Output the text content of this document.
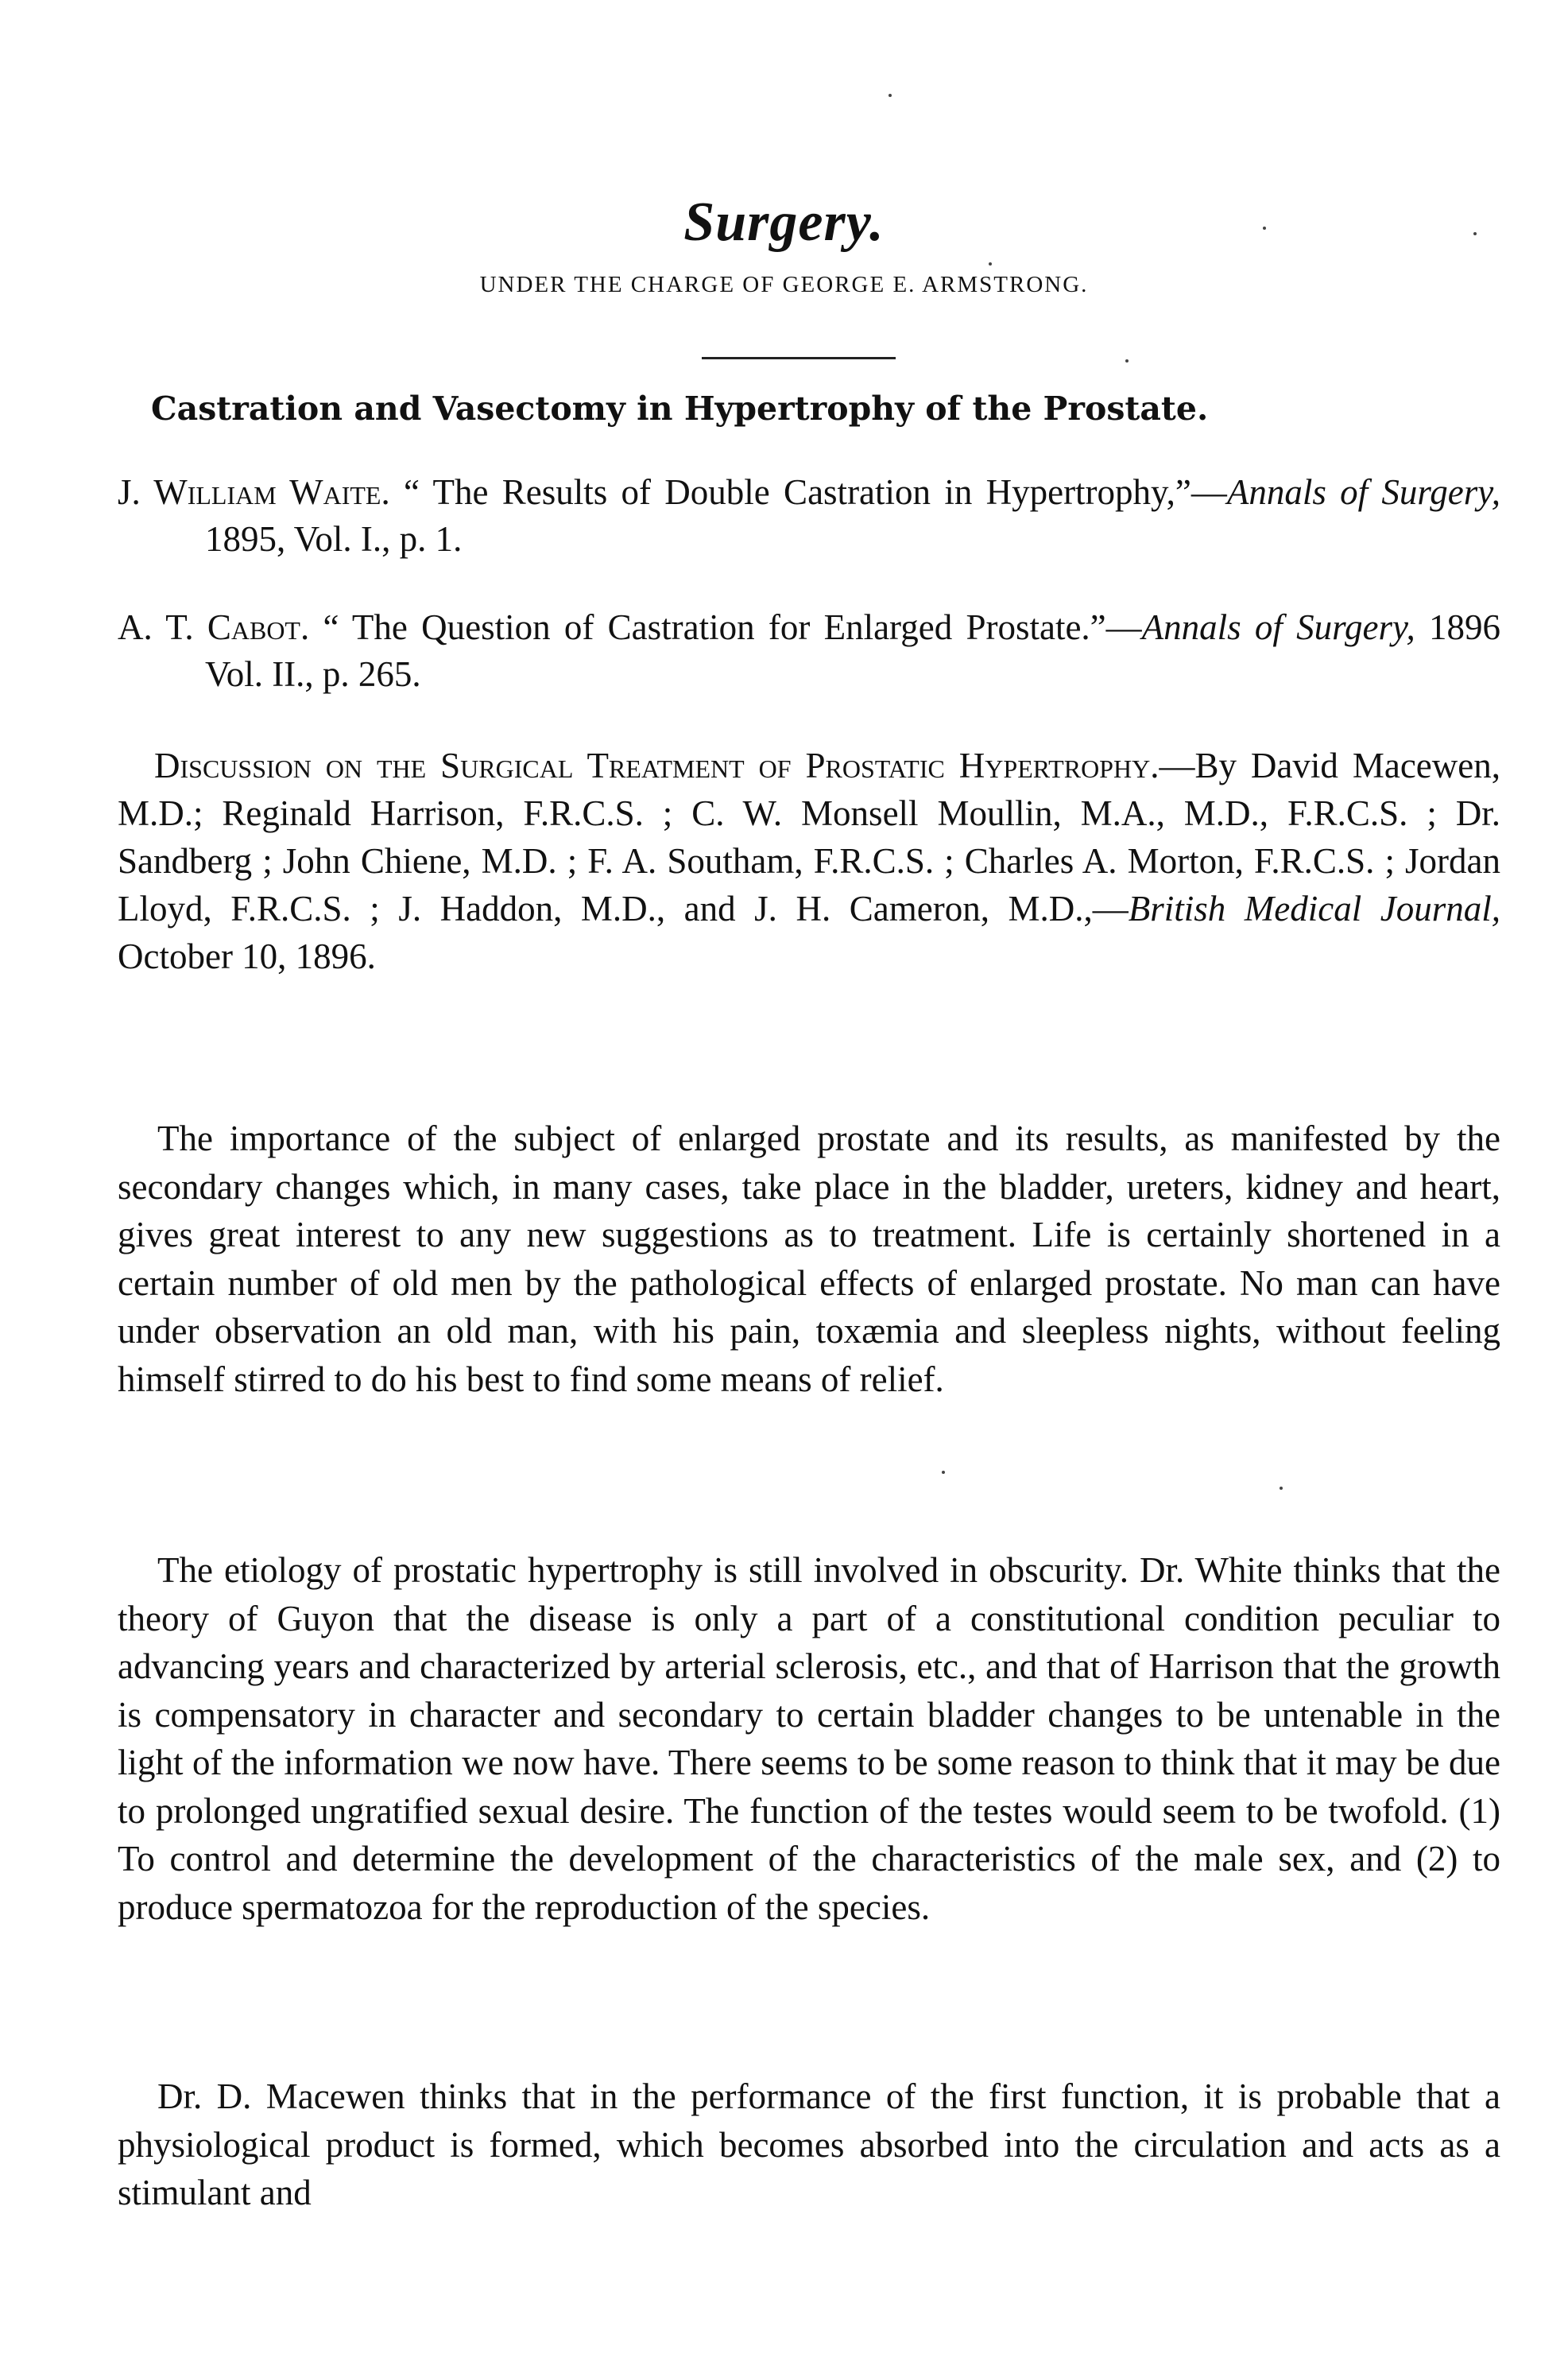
Surgery.
UNDER THE CHARGE OF GEORGE E. ARMSTRONG.
Castration and Vasectomy in Hypertrophy of the Prostate.
J. William Waite. “ The Results of Double Castration in Hypertrophy,”—Annals of Surgery, 1895, Vol. I., p. 1.
A. T. Cabot. “ The Question of Castration for Enlarged Prostate.”—Annals of Surgery, 1896 Vol. II., p. 265.
Discussion on the Surgical Treatment of Prostatic Hypertrophy.—By David Macewen, M.D.; Reginald Harrison, F.R.C.S. ; C. W. Monsell Moullin, M.A., M.D., F.R.C.S. ; Dr. Sandberg ; John Chiene, M.D. ; F. A. Southam, F.R.C.S. ; Charles A. Morton, F.R.C.S. ; Jordan Lloyd, F.R.C.S. ; J. Haddon, M.D., and J. H. Cameron, M.D.,—British Medical Journal, October 10, 1896.

The importance of the subject of enlarged prostate and its results, as manifested by the secondary changes which, in many cases, take place in the bladder, ureters, kidney and heart, gives great interest to any new suggestions as to treatment. Life is certainly shortened in a certain number of old men by the pathological effects of enlarged prostate. No man can have under observation an old man, with his pain, toxæmia and sleepless nights, without feeling himself stirred to do his best to find some means of relief.

The etiology of prostatic hypertrophy is still involved in obscurity. Dr. White thinks that the theory of Guyon that the disease is only a part of a constitutional condition peculiar to advancing years and characterized by arterial sclerosis, etc., and that of Harrison that the growth is compensatory in character and secondary to certain bladder changes to be untenable in the light of the information we now have. There seems to be some reason to think that it may be due to prolonged ungratified sexual desire. The function of the testes would seem to be twofold. (1) To control and determine the development of the characteristics of the male sex, and (2) to produce spermatozoa for the reproduction of the species.

Dr. D. Macewen thinks that in the performance of the first function, it is probable that a physiological product is formed, which becomes absorbed into the circulation and acts as a stimulant and
